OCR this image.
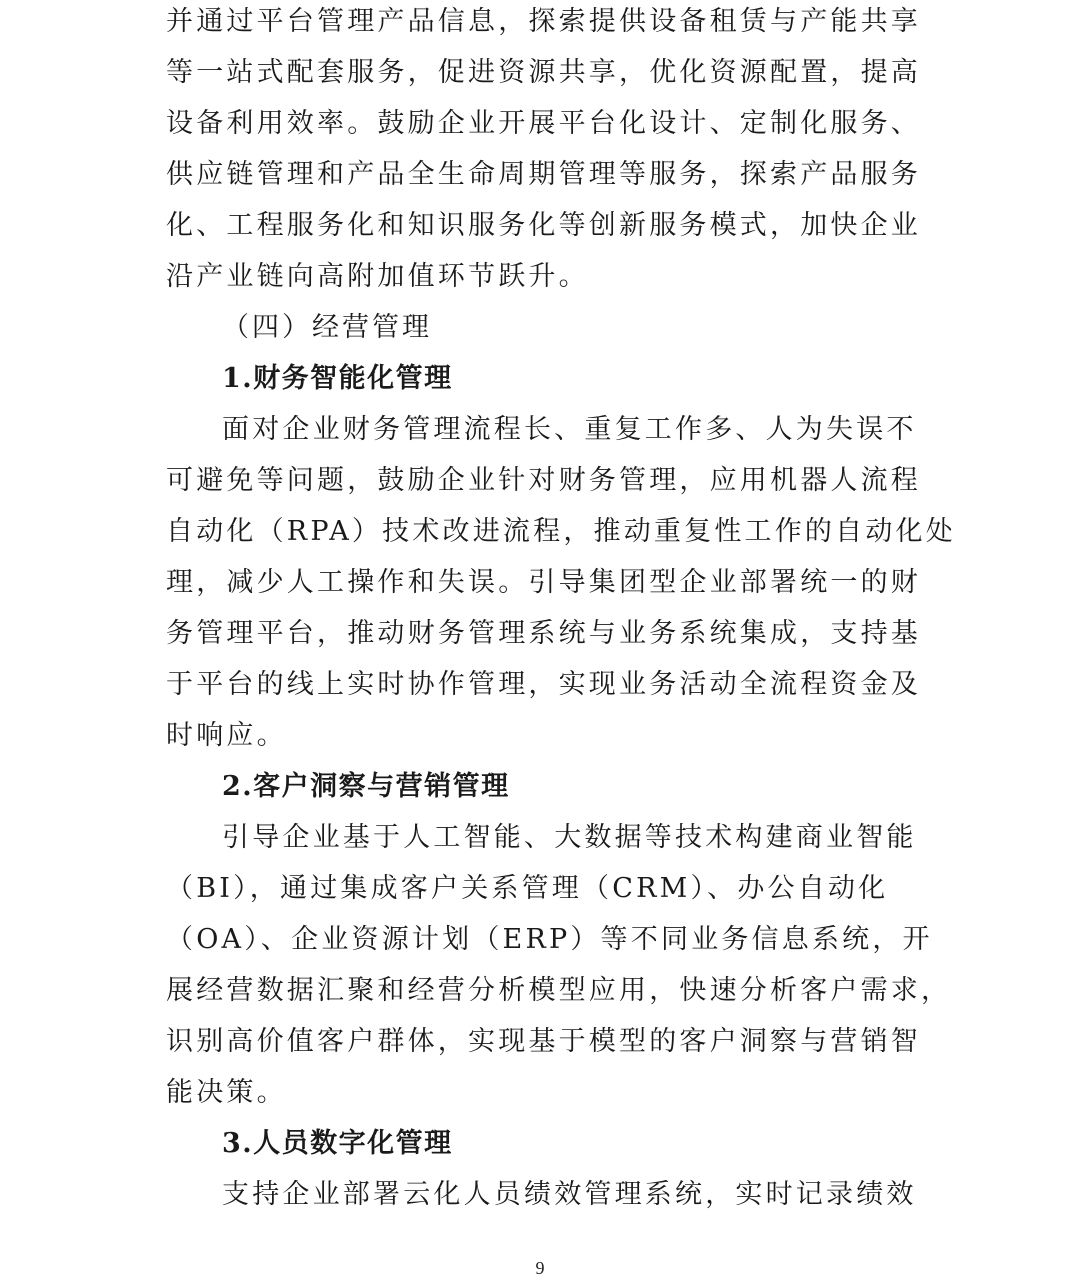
并通过平台管理产品信息，探索提供设备租赁与产能共享
等一站式配套服务，促进资源共享，优化资源配置，提高
设备利用效率。鼓励企业开展平台化设计、定制化服务、
供应链管理和产品全生命周期管理等服务，探索产品服务
化、工程服务化和知识服务化等创新服务模式，加快企业
沿产业链向高附加值环节跃升。
（四）经营管理
1.财务智能化管理
面对企业财务管理流程长、重复工作多、人为失误不
可避免等问题，鼓励企业针对财务管理，应用机器人流程
自动化（RPA）技术改进流程，推动重复性工作的自动化处
理，减少人工操作和失误。引导集团型企业部署统一的财
务管理平台，推动财务管理系统与业务系统集成，支持基
于平台的线上实时协作管理，实现业务活动全流程资金及
时响应。
2.客户洞察与营销管理
引导企业基于人工智能、大数据等技术构建商业智能
（BI），通过集成客户关系管理（CRM）、办公自动化
（OA）、企业资源计划（ERP）等不同业务信息系统，开
展经营数据汇聚和经营分析模型应用，快速分析客户需求，
识别高价值客户群体，实现基于模型的客户洞察与营销智
能决策。
3.人员数字化管理
支持企业部署云化人员绩效管理系统，实时记录绩效
9
